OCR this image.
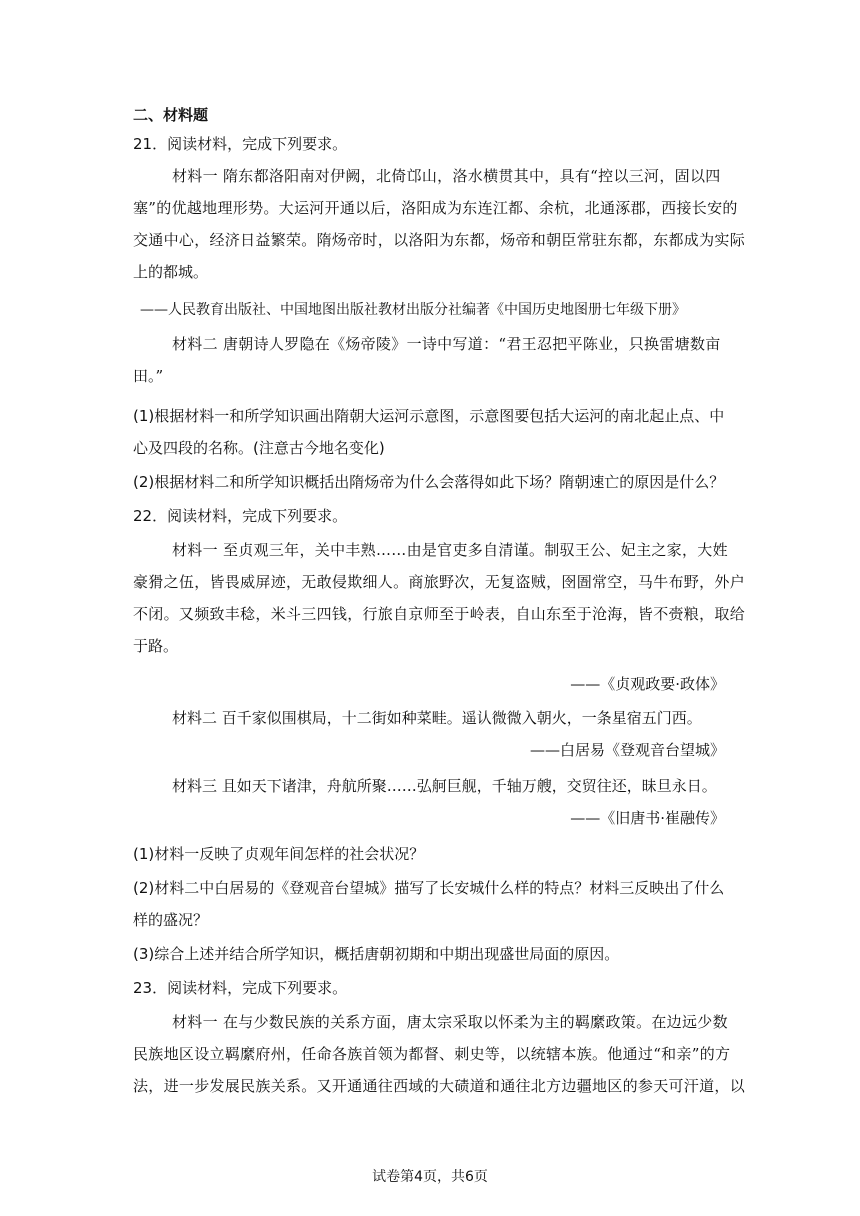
二、材料题
21．阅读材料，完成下列要求。
材料一 隋东都洛阳南对伊阙，北倚邙山，洛水横贯其中，具有“控以三河，固以四
塞”的优越地理形势。大运河开通以后，洛阳成为东连江都、余杭，北通涿郡，西接长安的
交通中心，经济日益繁荣。隋炀帝时，以洛阳为东都，炀帝和朝臣常驻东都，东都成为实际
上的都城。
——人民教育出版社、中国地图出版社教材出版分社编著《中国历史地图册七年级下册》
材料二 唐朝诗人罗隐在《炀帝陵》一诗中写道：“君王忍把平陈业，只换雷塘数亩
田。”
(1)根据材料一和所学知识画出隋朝大运河示意图，示意图要包括大运河的南北起止点、中
心及四段的名称。(注意古今地名变化)
(2)根据材料二和所学知识概括出隋炀帝为什么会落得如此下场？隋朝速亡的原因是什么？
22．阅读材料，完成下列要求。
材料一 至贞观三年，关中丰熟……由是官吏多自清谨。制驭王公、妃主之家，大姓
豪猾之伍，皆畏威屏迹，无敢侵欺细人。商旅野次，无复盗贼，囹圄常空，马牛布野，外户
不闭。又频致丰稔，米斗三四钱，行旅自京师至于岭表，自山东至于沧海，皆不赍粮，取给
于路。
——《贞观政要·政体》
材料二 百千家似围棋局，十二街如种菜畦。遥认微微入朝火，一条星宿五门西。
——白居易《登观音台望城》
材料三 且如天下诸津，舟航所聚……弘舸巨舰，千轴万艘，交贸往还，昧旦永日。
——《旧唐书·崔融传》
(1)材料一反映了贞观年间怎样的社会状况？
(2)材料二中白居易的《登观音台望城》描写了长安城什么样的特点？材料三反映出了什么
样的盛况？
(3)综合上述并结合所学知识，概括唐朝初期和中期出现盛世局面的原因。
23．阅读材料，完成下列要求。
材料一 在与少数民族的关系方面，唐太宗采取以怀柔为主的羁縻政策。在边远少数
民族地区设立羁縻府州，任命各族首领为都督、刺史等，以统辖本族。他通过“和亲”的方
法，进一步发展民族关系。又开通通往西域的大碛道和通往北方边疆地区的参天可汗道，以
试卷第4页，共6页
